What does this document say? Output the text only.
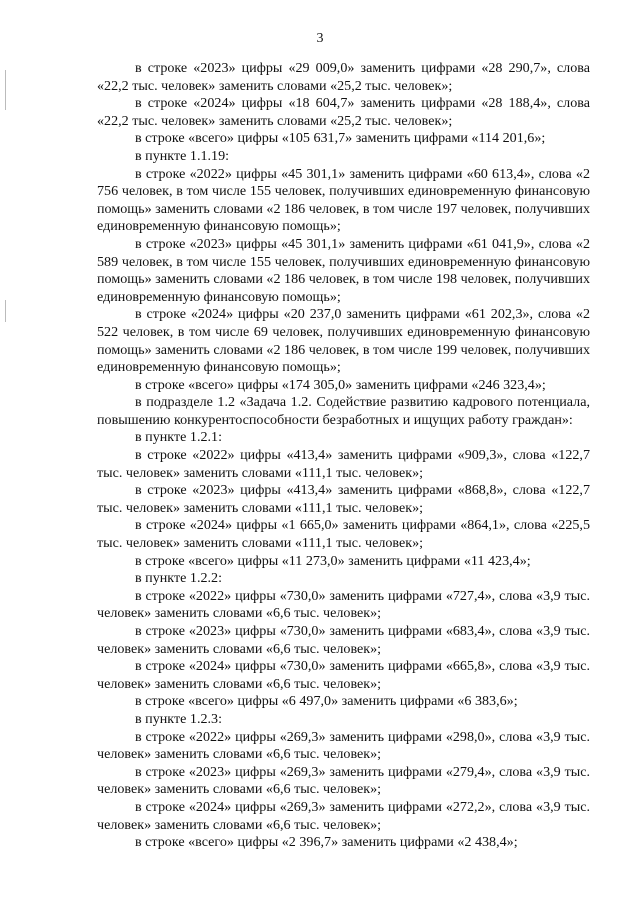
3

в строке «2023» цифры «29 009,0» заменить цифрами «28 290,7», слова «22,2 тыс. человек» заменить словами «25,2 тыс. человек»;

в строке «2024» цифры «18 604,7» заменить цифрами «28 188,4», слова «22,2 тыс. человек» заменить словами «25,2 тыс. человек»;

в строке «всего» цифры «105 631,7» заменить цифрами «114 201,6»;

в пункте 1.1.19:

в строке «2022» цифры «45 301,1» заменить цифрами «60 613,4», слова «2 756 человек, в том числе 155 человек, получивших единовременную финансовую помощь» заменить словами «2 186 человек, в том числе 197 человек, получивших единовременную финансовую помощь»;

в строке «2023» цифры «45 301,1» заменить цифрами «61 041,9», слова «2 589 человек, в том числе 155 человек, получивших единовременную финансовую помощь» заменить словами «2 186 человек, в том числе 198 человек, получивших единовременную финансовую помощь»;

в строке «2024» цифры «20 237,0 заменить цифрами «61 202,3», слова «2 522 человек, в том числе 69 человек, получивших единовременную финансовую помощь» заменить словами «2 186 человек, в том числе 199 человек, получивших единовременную финансовую помощь»;

в строке «всего» цифры «174 305,0» заменить цифрами «246 323,4»;

в подразделе 1.2 «Задача 1.2. Содействие развитию кадрового потенциала, повышению конкурентоспособности безработных и ищущих работу граждан»:

в пункте 1.2.1:

в строке «2022» цифры «413,4» заменить цифрами «909,3», слова «122,7 тыс. человек» заменить словами «111,1 тыс. человек»;

в строке «2023» цифры «413,4» заменить цифрами «868,8», слова «122,7 тыс. человек» заменить словами «111,1 тыс. человек»;

в строке «2024» цифры «1 665,0» заменить цифрами «864,1», слова «225,5 тыс. человек» заменить словами «111,1 тыс. человек»;

в строке «всего» цифры «11 273,0» заменить цифрами «11 423,4»;

в пункте 1.2.2:

в строке «2022» цифры «730,0» заменить цифрами «727,4», слова «3,9 тыс. человек» заменить словами «6,6 тыс. человек»;

в строке «2023» цифры «730,0» заменить цифрами «683,4», слова «3,9 тыс. человек» заменить словами «6,6 тыс. человек»;

в строке «2024» цифры «730,0» заменить цифрами «665,8», слова «3,9 тыс. человек» заменить словами «6,6 тыс. человек»;

в строке «всего» цифры «6 497,0» заменить цифрами «6 383,6»;

в пункте 1.2.3:

в строке «2022» цифры «269,3» заменить цифрами «298,0», слова «3,9 тыс. человек» заменить словами «6,6 тыс. человек»;

в строке «2023» цифры «269,3» заменить цифрами «279,4», слова «3,9 тыс. человек» заменить словами «6,6 тыс. человек»;

в строке «2024» цифры «269,3» заменить цифрами «272,2», слова «3,9 тыс. человек» заменить словами «6,6 тыс. человек»;

в строке «всего» цифры «2 396,7» заменить цифрами «2 438,4»;
